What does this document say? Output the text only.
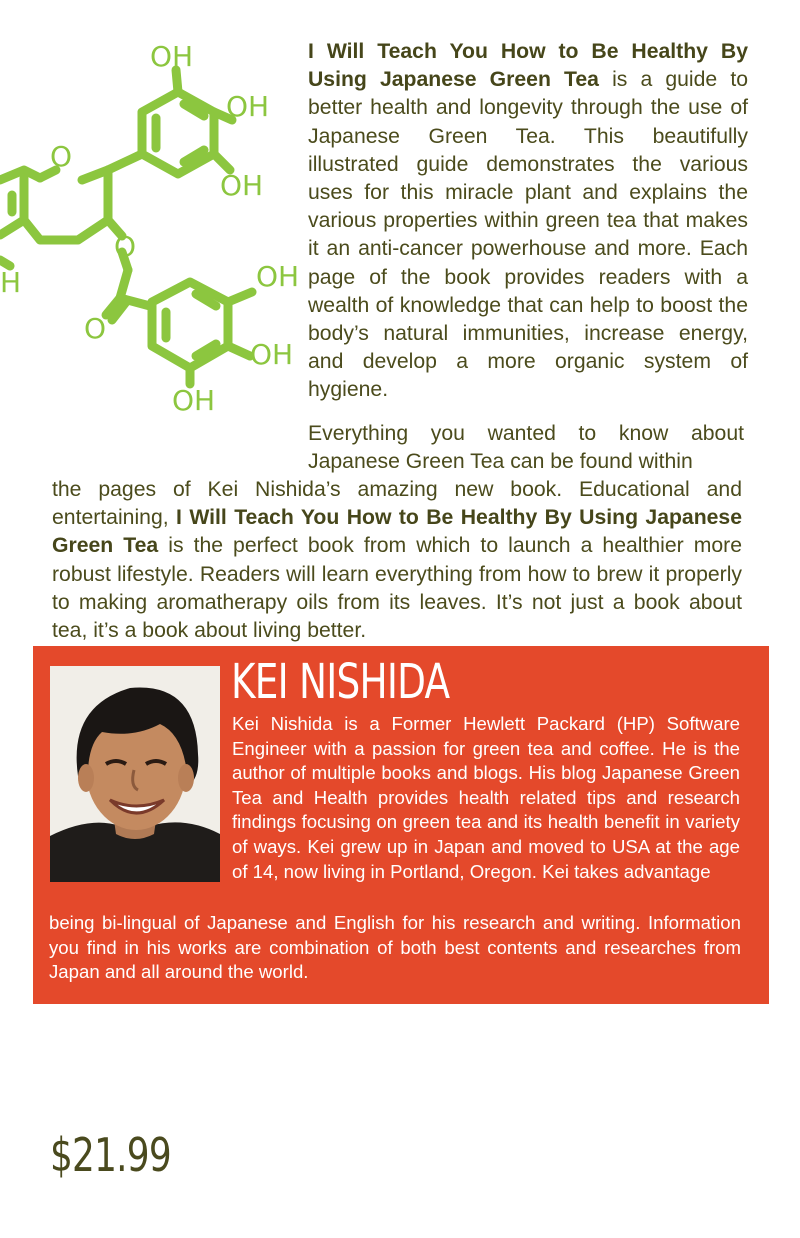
OH
OH
OH
O
O
O
H	OH
OH
OH

I Will Teach You How to Be Healthy By Using Japanese Green Tea is a guide to better health and longevity through the use of Japanese Green Tea. This beautifully illustrated guide demonstrates the various uses for this miracle plant and explains the various properties within green tea that makes it an anti-cancer powerhouse and more. Each page of the book provides readers with a wealth of knowledge that can help to boost the body’s natural immunities, increase energy, and develop a more organic system of hygiene.

Everything you wanted to know about Japanese Green Tea can be found within

the pages of Kei Nishida’s amazing new book. Educational and entertaining, I Will Teach You How to Be Healthy By Using Japanese Green Tea is the perfect book from which to launch a healthier more robust lifestyle. Readers will learn everything from how to brew it properly to making aromatherapy oils from its leaves. It’s not just a book about tea, it’s a book about living better.

KEI NISHIDA

Kei Nishida is a Former Hewlett Packard (HP) Software Engineer with a passion for green tea and coffee. He is the author of multiple books and blogs. His blog Japanese Green Tea and Health provides health related tips and research findings focusing on green tea and its health benefit in variety of ways. Kei grew up in Japan and moved to USA at the age of 14, now living in Portland, Oregon. Kei takes advantage

being bi-lingual of Japanese and English for his research and writing. Information you find in his works are combination of both best contents and researches from Japan and all around the world.

$21.99
